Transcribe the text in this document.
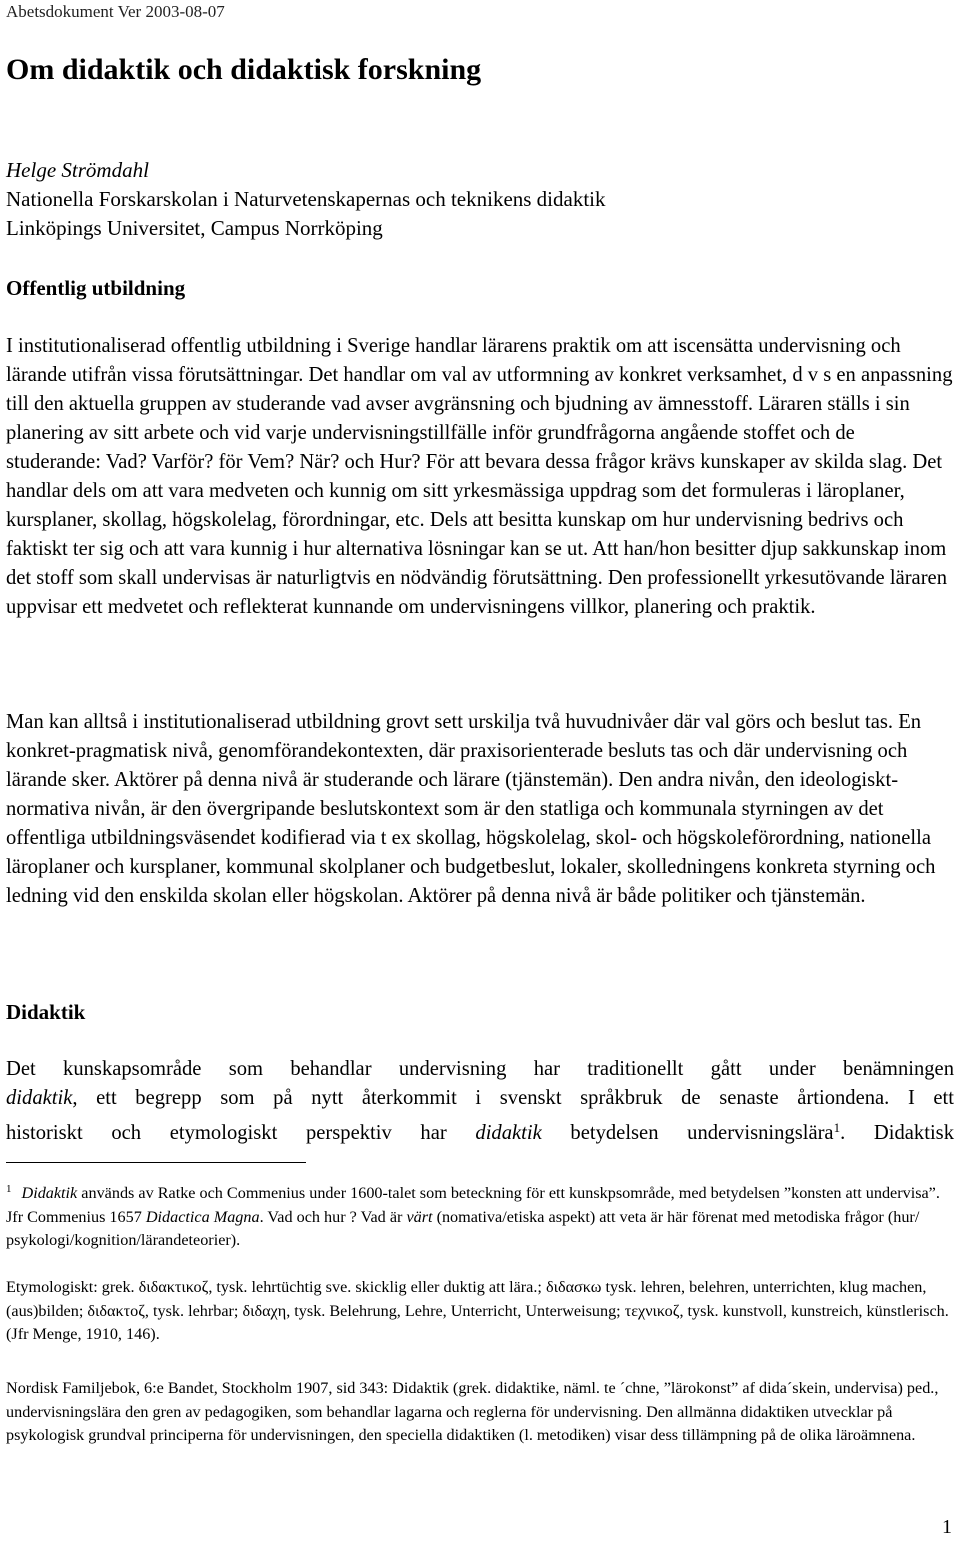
Abetsdokument Ver 2003-08-07
Om didaktik och didaktisk forskning
Helge Strömdahl
Nationella Forskarskolan i Naturvetenskapernas och teknikens didaktik
Linköpings Universitet, Campus Norrköping
Offentlig utbildning

I institutionaliserad offentlig utbildning i Sverige handlar lärarens praktik om att iscensätta undervisning och lärande utifrån vissa förutsättningar. Det handlar om val av utformning av konkret verksamhet, d v s en anpassning till den aktuella gruppen av studerande vad avser avgränsning och bjudning av ämnesstoff. Läraren ställs i sin planering av sitt arbete och vid varje undervisningstillfälle inför grundfrågorna angående stoffet och de studerande: Vad? Varför? för Vem? När? och Hur? För att bevara dessa frågor krävs kunskaper av skilda slag. Det handlar dels om att vara medveten och kunnig om sitt yrkesmässiga uppdrag som det formuleras i läroplaner, kursplaner, skollag, högskolelag, förordningar, etc. Dels att besitta kunskap om hur undervisning bedrivs och faktiskt ter sig och att vara kunnig i hur alternativa lösningar kan se ut. Att han/hon besitter djup sakkunskap inom det stoff som skall undervisas är naturligtvis en nödvändig förutsättning. Den professionellt yrkesutövande läraren uppvisar ett medvetet och reflekterat kunnande om undervisningens villkor, planering och praktik.

Man kan alltså i institutionaliserad utbildning grovt sett urskilja två huvudnivåer där val görs och beslut tas. En konkret-pragmatisk nivå, genomförandekontexten, där praxisorienterade besluts tas och där undervisning och lärande sker. Aktörer på denna nivå är studerande och lärare (tjänstemän). Den andra nivån, den ideologiskt-normativa nivån, är den övergripande beslutskontext som är den statliga och kommunala styrningen av det offentliga utbildningsväsendet kodifierad via t ex skollag, högskolelag, skol- och högskoleförordning, nationella läroplaner och kursplaner, kommunal skolplaner och budgetbeslut, lokaler, skolledningens konkreta styrning och ledning vid den enskilda skolan eller högskolan. Aktörer på denna nivå är både politiker och tjänstemän.

Didaktik
Det kunskapsområde som behandlar undervisning har traditionellt gått under benämningen
didaktik, ett begrepp som på nytt återkommit i svenskt språkbruk de senaste årtiondena. I ett
historiskt och etymologiskt perspektiv har didaktik betydelsen undervisningslära$^1$. Didaktisk

$^1$ Didaktik används av Ratke och Commenius under 1600-talet som beteckning för ett kunskpsområde, med betydelsen ”konsten att undervisa”. Jfr Commenius 1657 Didactica Magna. Vad och hur ? Vad är värt (nomativa/etiska aspekt) att veta är här förenat med metodiska frågor (hur/ psykologi/kognition/lärandeteorier).

Etymologiskt: grek. διδακτικοζ, tysk. lehrtüchtig sve. skicklig eller duktig att lära.; διδασκω tysk. lehren, belehren, unterrichten, klug machen, (aus)bilden; διδακτοζ, tysk. lehrbar; διδαχη, tysk. Belehrung, Lehre, Unterricht, Unterweisung; τεχνικοζ, tysk. kunstvoll, kunstreich, künstlerisch. (Jfr Menge, 1910, 146).

Nordisk Familjebok, 6:e Bandet, Stockholm 1907, sid 343: Didaktik (grek. didaktike, näml. te ´chne, ”lärokonst” af dida´skein, undervisa) ped., undervisningslära den gren av pedagogiken, som behandlar lagarna och reglerna för undervisning. Den allmänna didaktiken utvecklar på psykologisk grundval principerna för undervisningen, den speciella didaktiken (l. metodiken) visar dess tillämpning på de olika läroämnena.

1
